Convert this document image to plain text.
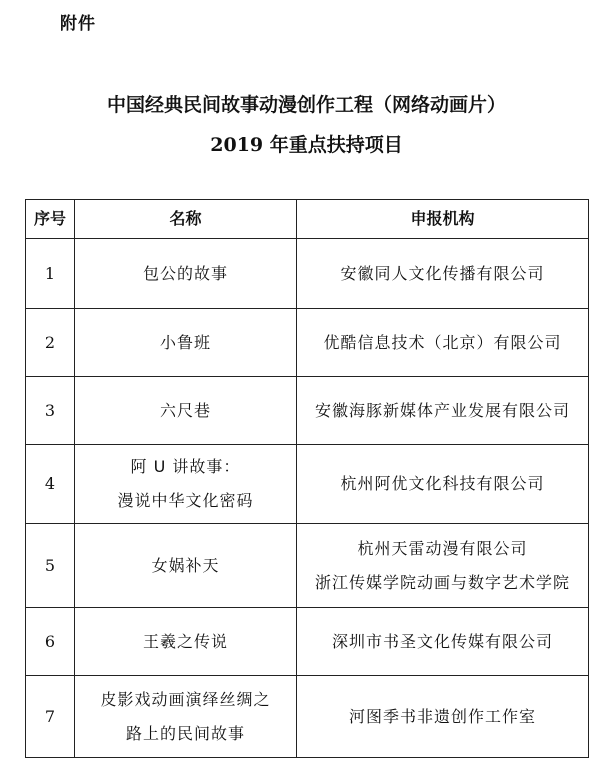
附件
中国经典民间故事动漫创作工程（网络动画片）
2019 年重点扶持项目
序号	名称	申报机构
1	包公的故事	安徽同人文化传播有限公司

2	小鲁班	优酷信息技术（北京）有限公司

3	六尺巷	安徽海豚新媒体产业发展有限公司

4	阿 U 讲故事：
漫说中华文化密码	杭州阿优文化科技有限公司

5	女娲补天	杭州天雷动漫有限公司
浙江传媒学院动画与数字艺术学院

6	王羲之传说	深圳市书圣文化传媒有限公司

7	皮影戏动画演绎丝绸之
路上的民间故事	河图季书非遗创作工作室
